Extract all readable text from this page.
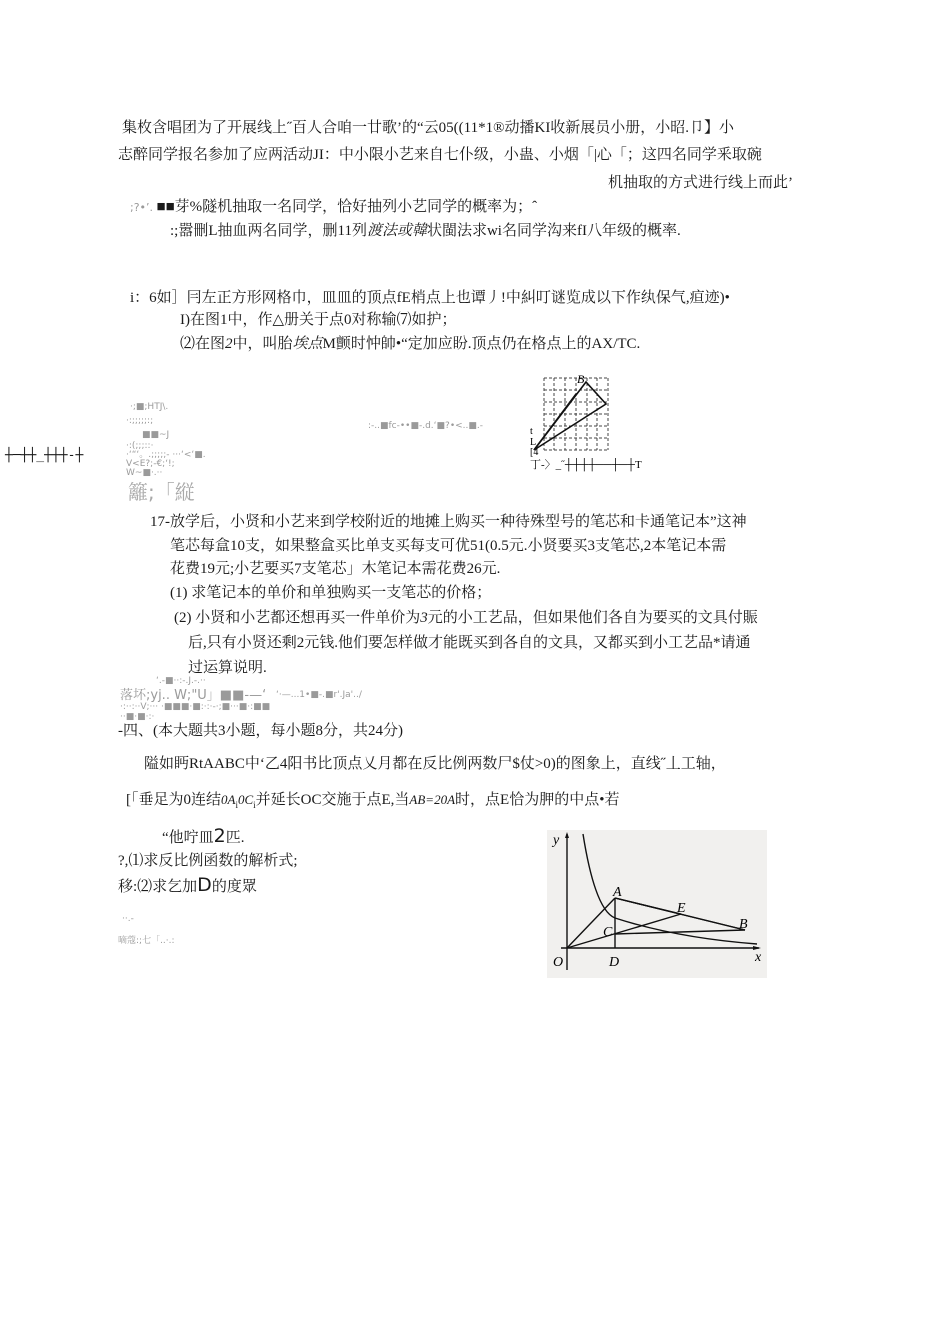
集枚含唱团为了开展线上˝百人合咱一廿歌’的“云05((11*1®动播KI收新展员小册，小昭.卩】小
志醉同学报名参加了应两活动JI：中小限小艺来自七仆级，小蛊、小烟「|心「；这四名同学釆取碗
机抽取的方式进行线上而此’
;?•’. ■■芽%隧机抽取一名同学，恰好抽列小艺同学的概率为；ˆ
:;嚣刪L抽血两名同学，删11列渡法或韓状閩法求wi名同学沟来fI八年级的概率.
i：6如］冃左正方形网格巾，皿皿的顶点fE梢点上也谭丿!中糾叮谜览成以下作纨保气,疸迹)•
I)在图1中，作△册关于点0对称输⑺如护；
⑵在图2中，叫胎埃点M颤时忡帥•“定加应盼.顶点仍在格点上的AX/TC.
·;■;HTJ\.
·:;;;;;:;
■■~J
·:(;;;::·
·‘“‘。.;;;;;- ···‘<‘■.
V<E?;-€;‘!;
W~■·.··
┼─┼┼_┼┼┼-┼
:-..■fc-••■-.d.‘■?•<..■.-
籬;「縦
B
t
L
[4
丁-〉_˝┼┼┼┼──┼─┼T
17-放学后，小贤和小艺来到学校附近的地摊上购买一种待殊型号的笔芯和卡通笔记本”这神
笔芯每盒10支，如果整盒买比单支买每支可优51(0.5元.小贤要买3支笔芯,2本笔记本需
花费19元;小艺要买7支笔芯」木笔记本需花费26元.
(1) 求笔记本的单价和单独购买一支笔芯的价格；
(2) 小贤和小艺都还想再买一件单价为3元的小工艺品，但如果他们各自为要买的文具付賑
后,只有小贤还剩2元钱.他们要怎样做才能既买到各自的文具，又都买到小工艺品*请通
过运算说明.
‘.-■··:-.J.-.··
落坏;yj.. W;"U」■■-—‘ ‘·—...1•■-.■r'.Ja'../
·:··:··V;··· ·■■■·■:·:·-·;■···■·:■■
··■·■·:·
-四、(本大题共3小题，每小题8分，共24分)
隘如眄RtAABC中‘乙4阳书比顶点乂月都在反比例两数尸$仗>0)的图象上，直线˝丄工轴，
[「垂足为0连结$0A_i0C_i$并延长OC交施于点E,当AB=20A时，点E恰为胛的中点•若
“他咛皿2匹.
?,⑴求反比例函数的解析式;
移:⑵求乞加D的度眾
··.-
嘀蔻:;七「..·.:
y
x
O
A
B
C
D
E
